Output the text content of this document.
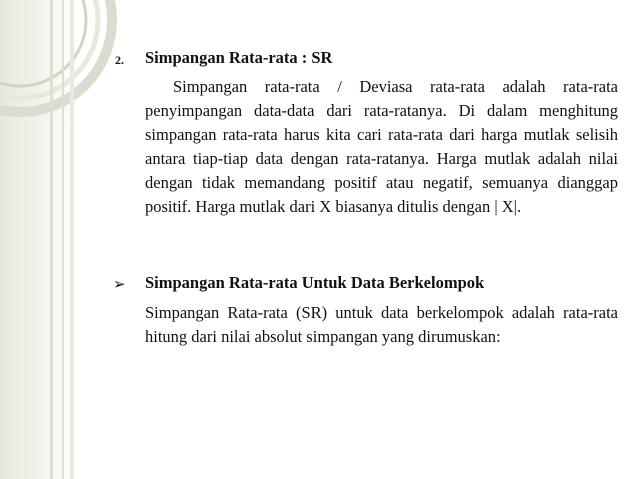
2. Simpangan Rata-rata : SR
Simpangan rata-rata / Deviasa rata-rata adalah rata-rata penyimpangan data-data dari rata-ratanya. Di dalam menghitung simpangan rata-rata harus kita cari rata-rata dari harga mutlak selisih antara tiap-tiap data dengan rata-ratanya. Harga mutlak adalah nilai dengan tidak memandang positif atau negatif, semuanya dianggap positif. Harga mutlak dari X biasanya ditulis dengan | X|.
➢ Simpangan Rata-rata Untuk Data Berkelompok
Simpangan Rata-rata (SR) untuk data berkelompok adalah rata-rata hitung dari nilai absolut simpangan yang dirumuskan:
